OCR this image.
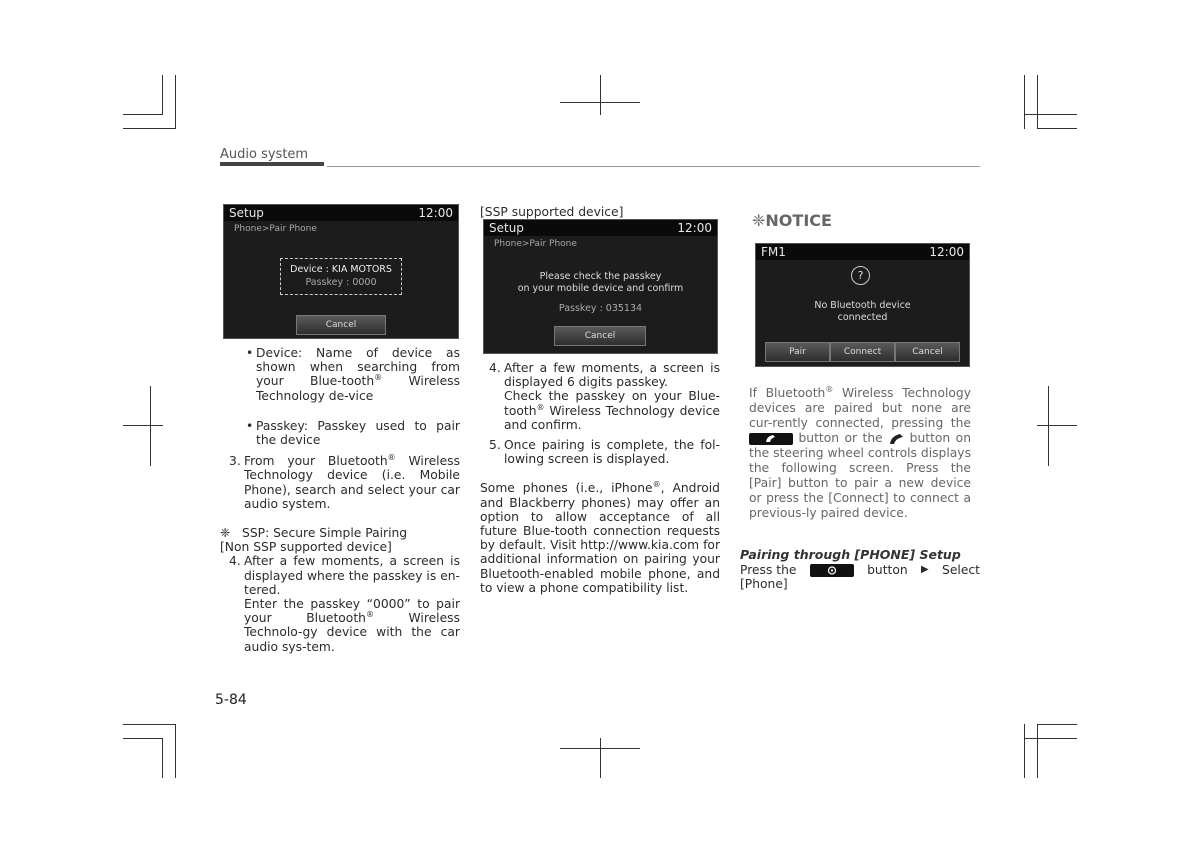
Audio system
Setup	12:00
Phone>Pair Phone
Device : KIA MOTORS
Passkey : 0000
Cancel
Setup	12:00
Phone>Pair Phone
Please check the passkey
on your mobile device and confirm
Passkey : 035134
Cancel
FM1	12:00
?
No Bluetooth device
connected
Pair	Connect	Cancel
• Device: Name of device as shown when searching from your Blue-tooth® Wireless Technology de-vice
• Passkey: Passkey used to pair the device
3. From your Bluetooth® Wireless Technology device (i.e. Mobile Phone), search and select your car audio system.
❈ SSP: Secure Simple Pairing
[Non SSP supported device]
4. After a few moments, a screen is displayed where the passkey is en-tered.

Enter the passkey “0000” to pair your Bluetooth® Wireless Technolo-gy device with the car audio sys-tem.

[SSP supported device]
4. After a few moments, a screen is displayed 6 digits passkey.

Check the passkey on your Blue-tooth® Wireless Technology device and confirm.

5. Once pairing is complete, the fol-lowing screen is displayed.
Some phones (i.e., iPhone®, Android and Blackberry phones) may offer an option to allow acceptance of all future Blue-tooth connection requests by default. Visit http://www.kia.com for additional information on pairing your Bluetooth-enabled mobile phone, and to view a phone compatibility list.
❈NOTICE
If Bluetooth® Wireless Technology devices are paired but none are cur-rently connected, pressing the
button or the button on the steering wheel controls displays the following screen. Press the [Pair] button to pair a new device or press the [Connect] to connect a previous-ly paired device.
Pairing through [PHONE] Setup
Press the	button ▶ Select
[Phone]
5-84
